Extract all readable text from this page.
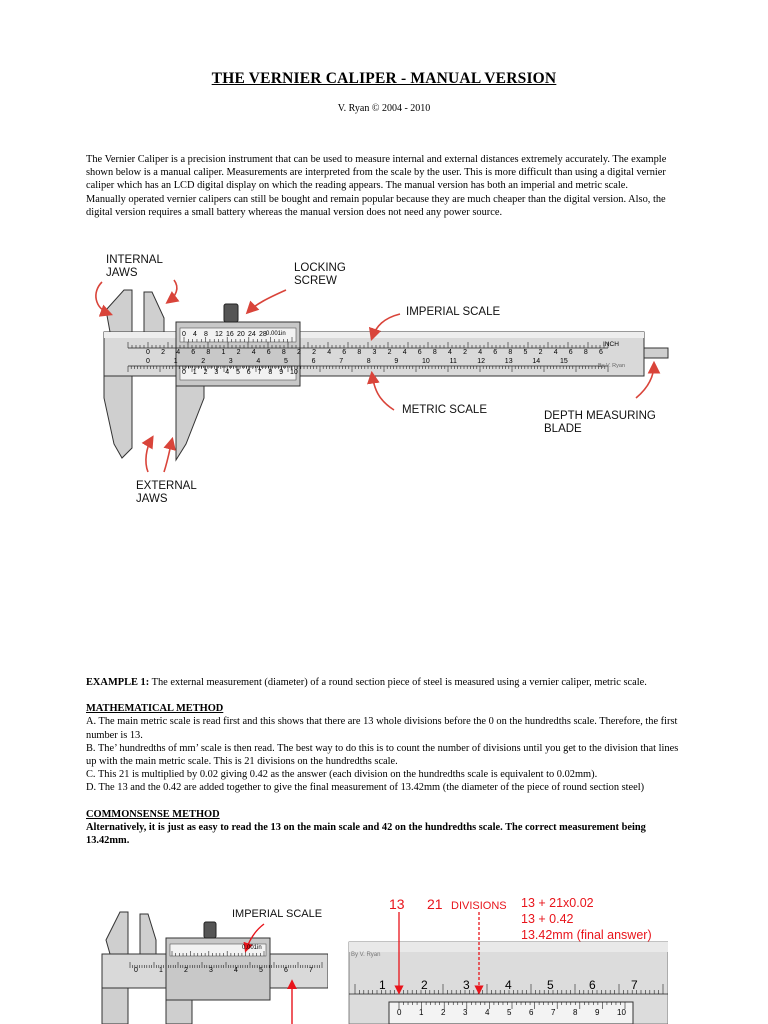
THE VERNIER CALIPER - MANUAL VERSION
V. Ryan © 2004 - 2010

The Vernier Caliper is a precision instrument that can be used to measure internal and external distances extremely accurately. The example shown below is a manual caliper. Measurements are interpreted from the scale by the user. This is more difficult than using a digital vernier caliper which has an LCD digital display on which the reading appears. The manual version has both an imperial and metric scale.

Manually operated vernier calipers can still be bought and remain popular because they are much cheaper than the digital version. Also, the digital version requires a small battery whereas the manual version does not need any power source.

INTERNAL
JAWS	LOCKING
SCREW
IMPERIAL SCALE
METRIC SCALE	DEPTH MEASURING
BLADE
EXTERNAL
JAWS
0 4 8 12 16 20 24 28 0.001in
0 2 4 6 8 1 2 4 6 8 2 2 4 6 8 3 2 4 6 8 4 2 4 6 8 5 2 4 6 8 6
INCH
0	1	2	3	4	5	6	7	8	9	10	11	12	13	14	15
0 1 2 3 4 5 6 7 8 9 10
By V. Ryan

EXAMPLE 1: The external measurement (diameter) of a round section piece of steel is measured using a vernier caliper, metric scale.

MATHEMATICAL METHOD

A. The main metric scale is read first and this shows that there are 13 whole divisions before the 0 on the hundredths scale. Therefore, the first number is 13.

B. The’ hundredths of mm’ scale is then read. The best way to do this is to count the number of divisions until you get to the division that lines up with the main metric scale. This is 21 divisions on the hundredths scale.

C. This 21 is multiplied by 0.02 giving 0.42 as the answer (each division on the hundredths scale is equivalent to 0.02mm).

D. The 13 and the 0.42 are added together to give the final measurement of 13.42mm (the diameter of the piece of round section steel)

COMMONSENSE METHOD

Alternatively, it is just as easy to read the 13 on the main scale and 42 on the hundredths scale. The correct measurement being 13.42mm.

IMPERIAL SCALE
0.001in
0	1	2	3	4	5	6	7
13 21 DIVISIONS 13 + 21x0.02
13 + 0.42
13.42mm (final answer)
By V. Ryan
1	2	3	4	5	6	7
0 1 2 3 4 5 6 7 8 9 10
